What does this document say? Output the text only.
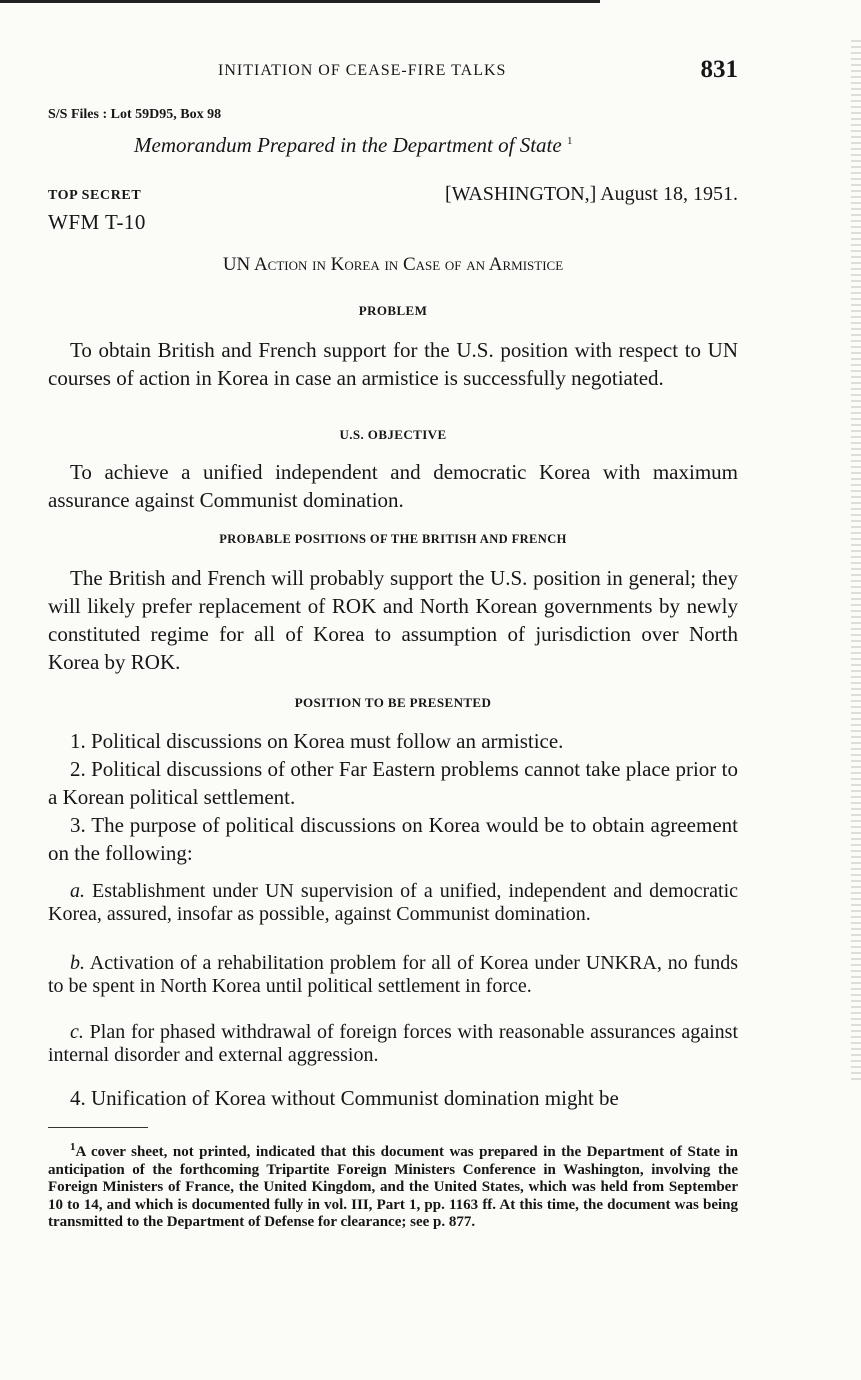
INITIATION OF CEASE-FIRE TALKS	831
S/S Files : Lot 59D95, Box 98
Memorandum Prepared in the Department of State $^1$
TOP SECRET	[WASHINGTON,] August 18, 1951.
WFM T-10
UN Action in Korea in Case of an Armistice
PROBLEM
To obtain British and French support for the U.S. position with respect to UN courses of action in Korea in case an armistice is successfully negotiated.
U.S. OBJECTIVE
To achieve a unified independent and democratic Korea with maximum assurance against Communist domination.
PROBABLE POSITIONS OF THE BRITISH AND FRENCH
The British and French will probably support the U.S. position in general; they will likely prefer replacement of ROK and North Korean governments by newly constituted regime for all of Korea to assumption of jurisdiction over North Korea by ROK.
POSITION TO BE PRESENTED
1. Political discussions on Korea must follow an armistice.
2. Political discussions of other Far Eastern problems cannot take place prior to a Korean political settlement.
3. The purpose of political discussions on Korea would be to obtain agreement on the following:
a. Establishment under UN supervision of a unified, independent and democratic Korea, assured, insofar as possible, against Communist domination.
b. Activation of a rehabilitation problem for all of Korea under UNKRA, no funds to be spent in North Korea until political settlement in force.
c. Plan for phased withdrawal of foreign forces with reasonable assurances against internal disorder and external aggression.
4. Unification of Korea without Communist domination might be
$^1$A cover sheet, not printed, indicated that this document was prepared in the Department of State in anticipation of the forthcoming Tripartite Foreign Ministers Conference in Washington, involving the Foreign Ministers of France, the United Kingdom, and the United States, which was held from September 10 to 14, and which is documented fully in vol. III, Part 1, pp. 1163 ff. At this time, the document was being transmitted to the Department of Defense for clearance; see p. 877.
